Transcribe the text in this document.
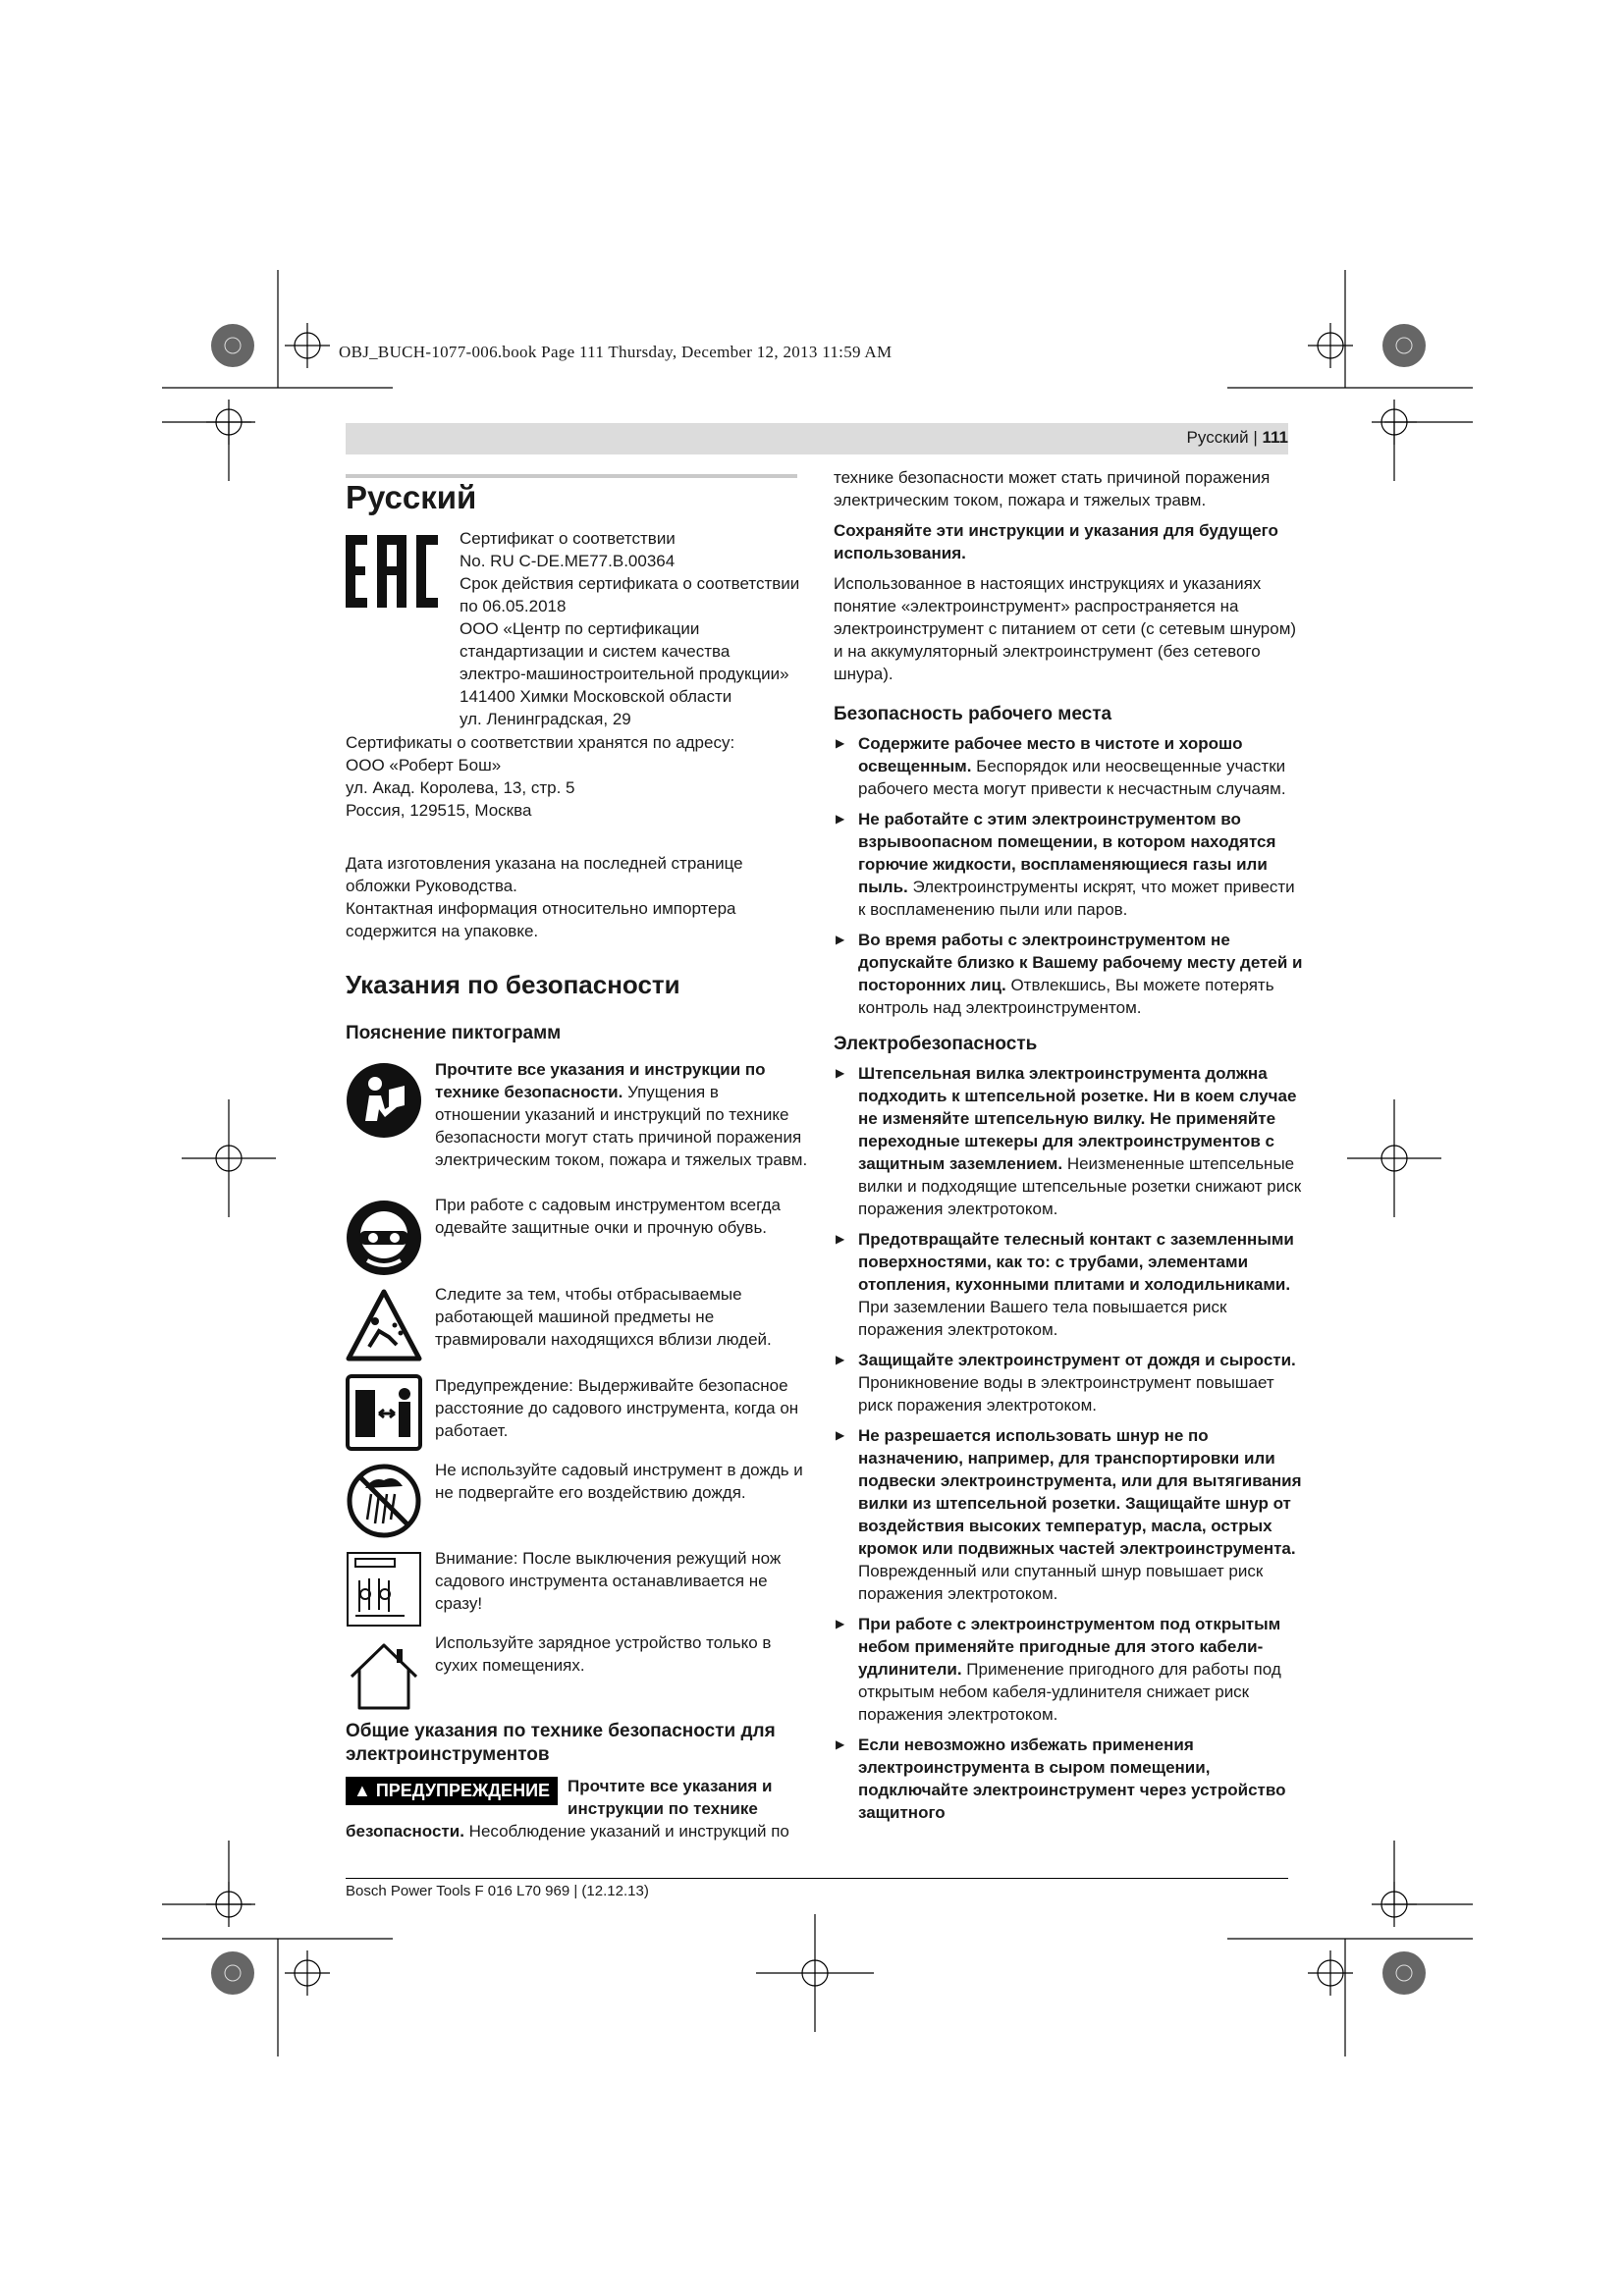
OBJ_BUCH-1077-006.book Page 111 Thursday, December 12, 2013 11:59 AM
Русский | 111
Русский

Сертификат о соответствии

No. RU C-DE.ME77.B.00364

Срок действия сертификата о соответствии

по 06.05.2018

ООО «Центр по сертификации

стандартизации и систем качества

электро-машиностроительной продукции»

141400 Химки Московской области

ул. Ленинградская, 29

Сертификаты о соответствии хранятся по адресу:

ООО «Роберт Бош»

ул. Акад. Королева, 13, стр. 5

Россия, 129515, Москва

Дата изготовления указана на последней странице

обложки Руководства.

Контактная информация относительно импортера

содержится на упаковке.

Указания по безопасности
Пояснение пиктограмм
Прочтите все указания и инструкции по технике безопасности. Упущения в отношении указаний и инструкций по технике безопасности могут стать причиной поражения электрическим током, пожара и тяжелых травм.
При работе с садовым инструментом всегда одевайте защитные очки и прочную обувь.
Следите за тем, чтобы отбрасываемые работающей машиной предметы не травмировали находящихся вблизи людей.
Предупреждение: Выдерживайте безопасное расстояние до садового инструмента, когда он работает.
Не используйте садовый инструмент в дождь и не подвергайте его воздействию дождя.
Внимание: После выключения режущий нож садового инструмента останавливается не сразу!
Используйте зарядное устройство только в сухих помещениях.
Общие указания по технике безопасности для электроинструментов
▲ ПРЕДУПРЕЖДЕНИЕ	Прочтите все указания и инструкции по технике безопасности. Несоблюдение указаний и инструкций по

технике безопасности может стать причиной поражения электрическим током, пожара и тяжелых травм.

Сохраняйте эти инструкции и указания для будущего использования.

Использованное в настоящих инструкциях и указаниях понятие «электроинструмент» распространяется на электроинструмент с питанием от сети (с сетевым шнуром) и на аккумуляторный электроинструмент (без сетевого шнура).

Безопасность рабочего места
▶ Содержите рабочее место в чистоте и хорошо освещенным. Беспорядок или неосвещенные участки рабочего места могут привести к несчастным случаям.
▶ Не работайте с этим электроинструментом во взрывоопасном помещении, в котором находятся горючие жидкости, воспламеняющиеся газы или пыль. Электроинструменты искрят, что может привести к воспламенению пыли или паров.
▶ Во время работы с электроинструментом не допускайте близко к Вашему рабочему месту детей и посторонних лиц. Отвлекшись, Вы можете потерять контроль над электроинструментом.
Электробезопасность
▶ Штепсельная вилка электроинструмента должна подходить к штепсельной розетке. Ни в коем случае не изменяйте штепсельную вилку. Не применяйте переходные штекеры для электроинструментов с защитным заземлением. Неизмененные штепсельные вилки и подходящие штепсельные розетки снижают риск поражения электротоком.
▶ Предотвращайте телесный контакт с заземленными поверхностями, как то: с трубами, элементами отопления, кухонными плитами и холодильниками. При заземлении Вашего тела повышается риск поражения электротоком.
▶ Защищайте электроинструмент от дождя и сырости. Проникновение воды в электроинструмент повышает риск поражения электротоком.
▶ Не разрешается использовать шнур не по назначению, например, для транспортировки или подвески электроинструмента, или для вытягивания вилки из штепсельной розетки. Защищайте шнур от воздействия высоких температур, масла, острых кромок или подвижных частей электроинструмента. Поврежденный или спутанный шнур повышает риск поражения электротоком.
▶ При работе с электроинструментом под открытым небом применяйте пригодные для этого кабели-удлинители. Применение пригодного для работы под открытым небом кабеля-удлинителя снижает риск поражения электротоком.
▶ Если невозможно избежать применения электроинструмента в сыром помещении, подключайте электроинструмент через устройство защитного
Bosch Power Tools F 016 L70 969 | (12.12.13)
